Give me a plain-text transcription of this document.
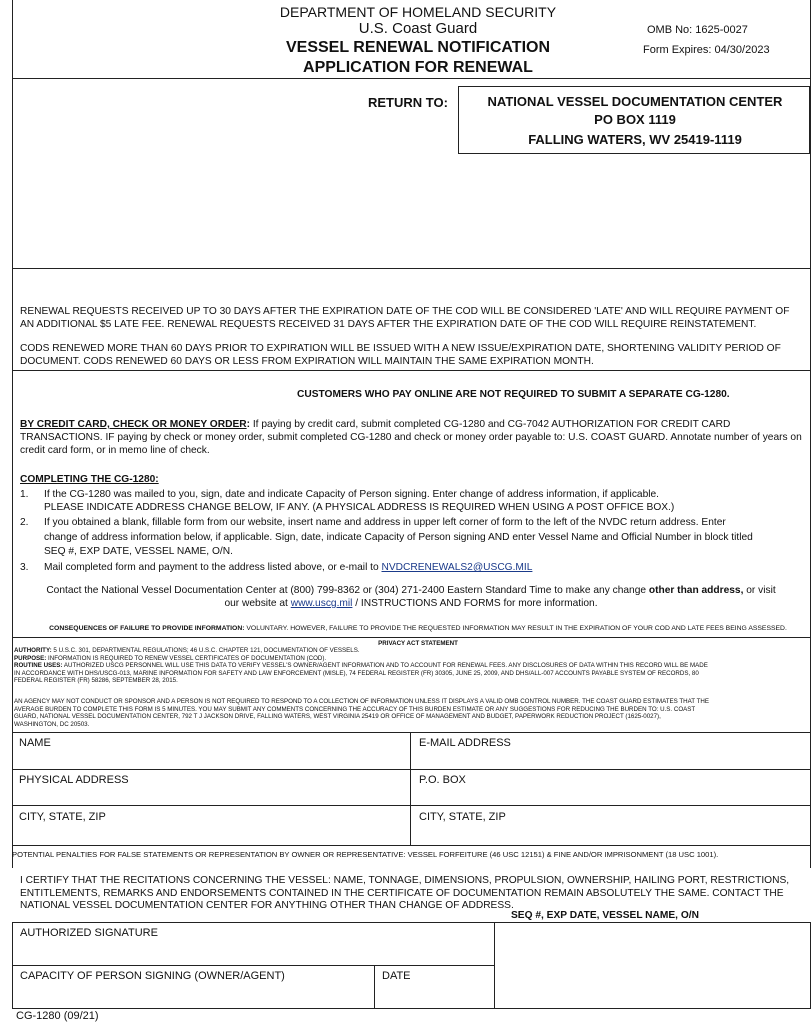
DEPARTMENT OF HOMELAND SECURITY
U.S. Coast Guard
VESSEL RENEWAL NOTIFICATION
APPLICATION FOR RENEWAL
OMB No: 1625-0027
Form Expires: 04/30/2023
RETURN TO:	NATIONAL VESSEL DOCUMENTATION CENTER
PO BOX 1119
FALLING WATERS, WV 25419-1119
RENEWAL REQUESTS RECEIVED UP TO 30 DAYS AFTER THE EXPIRATION DATE OF THE COD WILL BE CONSIDERED 'LATE' AND WILL REQUIRE PAYMENT OF AN ADDITIONAL $5 LATE FEE. RENEWAL REQUESTS RECEIVED 31 DAYS AFTER THE EXPIRATION DATE OF THE COD WILL REQUIRE REINSTATEMENT.
CODS RENEWED MORE THAN 60 DAYS PRIOR TO EXPIRATION WILL BE ISSUED WITH A NEW ISSUE/EXPIRATION DATE, SHORTENING VALIDITY PERIOD OF DOCUMENT. CODS RENEWED 60 DAYS OR LESS FROM EXPIRATION WILL MAINTAIN THE SAME EXPIRATION MONTH.
CUSTOMERS WHO PAY ONLINE ARE NOT REQUIRED TO SUBMIT A SEPARATE CG-1280.
BY CREDIT CARD, CHECK OR MONEY ORDER: If paying by credit card, submit completed CG-1280 and CG-7042 AUTHORIZATION FOR CREDIT CARD TRANSACTIONS. IF paying by check or money order, submit completed CG-1280 and check or money order payable to: U.S. COAST GUARD. Annotate number of years on credit card form, or in memo line of check.
COMPLETING THE CG-1280:
1. If the CG-1280 was mailed to you, sign, date and indicate Capacity of Person signing. Enter change of address information, if applicable.
PLEASE INDICATE ADDRESS CHANGE BELOW, IF ANY. (A PHYSICAL ADDRESS IS REQUIRED WHEN USING A POST OFFICE BOX.)
2. If you obtained a blank, fillable form from our website, insert name and address in upper left corner of form to the left of the NVDC return address. Enter
change of address information below, if applicable. Sign, date, indicate Capacity of Person signing AND enter Vessel Name and Official Number in block titled
SEQ #, EXP DATE, VESSEL NAME, O/N.
3. Mail completed form and payment to the address listed above, or e-mail to NVDCRENEWALS2@USCG.MIL
Contact the National Vessel Documentation Center at (800) 799-8362 or (304) 271-2400 Eastern Standard Time to make any change other than address, or visit
our website at www.uscg.mil / INSTRUCTIONS AND FORMS for more information.
CONSEQUENCES OF FAILURE TO PROVIDE INFORMATION: VOLUNTARY. HOWEVER, FAILURE TO PROVIDE THE REQUESTED INFORMATION MAY RESULT IN THE EXPIRATION OF YOUR COD AND LATE FEES BEING ASSESSED.
PRIVACY ACT STATEMENT
AUTHORITY: 5 U.S.C. 301, DEPARTMENTAL REGULATIONS; 46 U.S.C. CHAPTER 121, DOCUMENTATION OF VESSELS.
PURPOSE: INFORMATION IS REQUIRED TO RENEW VESSEL CERTIFICATES OF DOCUMENTATION (COD).
ROUTINE USES: AUTHORIZED USCG PERSONNEL WILL USE THIS DATA TO VERIFY VESSEL'S OWNER/AGENT INFORMATION AND TO ACCOUNT FOR RENEWAL FEES. ANY DISCLOSURES OF DATA WITHIN THIS RECORD WILL BE MADE
IN ACCORDANCE WITH DHS/USCG-013, MARINE INFORMATION FOR SAFETY AND LAW ENFORCEMENT (MISLE), 74 FEDERAL REGISTER (FR) 30305, JUNE 25, 2009, AND DHS/ALL-007 ACCOUNTS PAYABLE SYSTEM OF RECORDS, 80
FEDERAL REGISTER (FR) 58286, SEPTEMBER 28, 2015.
AN AGENCY MAY NOT CONDUCT OR SPONSOR AND A PERSON IS NOT REQUIRED TO RESPOND TO A COLLECTION OF INFORMATION UNLESS IT DISPLAYS A VALID OMB CONTROL NUMBER. THE COAST GUARD ESTIMATES THAT THE
AVERAGE BURDEN TO COMPLETE THIS FORM IS 5 MINUTES. YOU MAY SUBMIT ANY COMMENTS CONCERNING THE ACCURACY OF THIS BURDEN ESTIMATE OR ANY SUGGESTIONS FOR REDUCING THE BURDEN TO: U.S. COAST
GUARD, NATIONAL VESSEL DOCUMENTATION CENTER, 792 T J JACKSON DRIVE, FALLING WATERS, WEST VIRGINIA 25419 OR OFFICE OF MANAGEMENT AND BUDGET, PAPERWORK REDUCTION PROJECT (1625-0027),
WASHINGTON, DC 20503.
NAME	E-MAIL ADDRESS
PHYSICAL ADDRESS	P.O. BOX
CITY, STATE, ZIP	CITY, STATE, ZIP
POTENTIAL PENALTIES FOR FALSE STATEMENTS OR REPRESENTATION BY OWNER OR REPRESENTATIVE: VESSEL FORFEITURE (46 USC 12151) & FINE AND/OR IMPRISONMENT (18 USC 1001).
I CERTIFY THAT THE RECITATIONS CONCERNING THE VESSEL: NAME, TONNAGE, DIMENSIONS, PROPULSION, OWNERSHIP, HAILING PORT, RESTRICTIONS,
ENTITLEMENTS, REMARKS AND ENDORSEMENTS CONTAINED IN THE CERTIFICATE OF DOCUMENTATION REMAIN ABSOLUTELY THE SAME. CONTACT THE
NATIONAL VESSEL DOCUMENTATION CENTER FOR ANYTHING OTHER THAN CHANGE OF ADDRESS.
SEQ #, EXP DATE, VESSEL NAME, O/N
AUTHORIZED SIGNATURE
CAPACITY OF PERSON SIGNING (OWNER/AGENT)	DATE
CG-1280 (09/21)
